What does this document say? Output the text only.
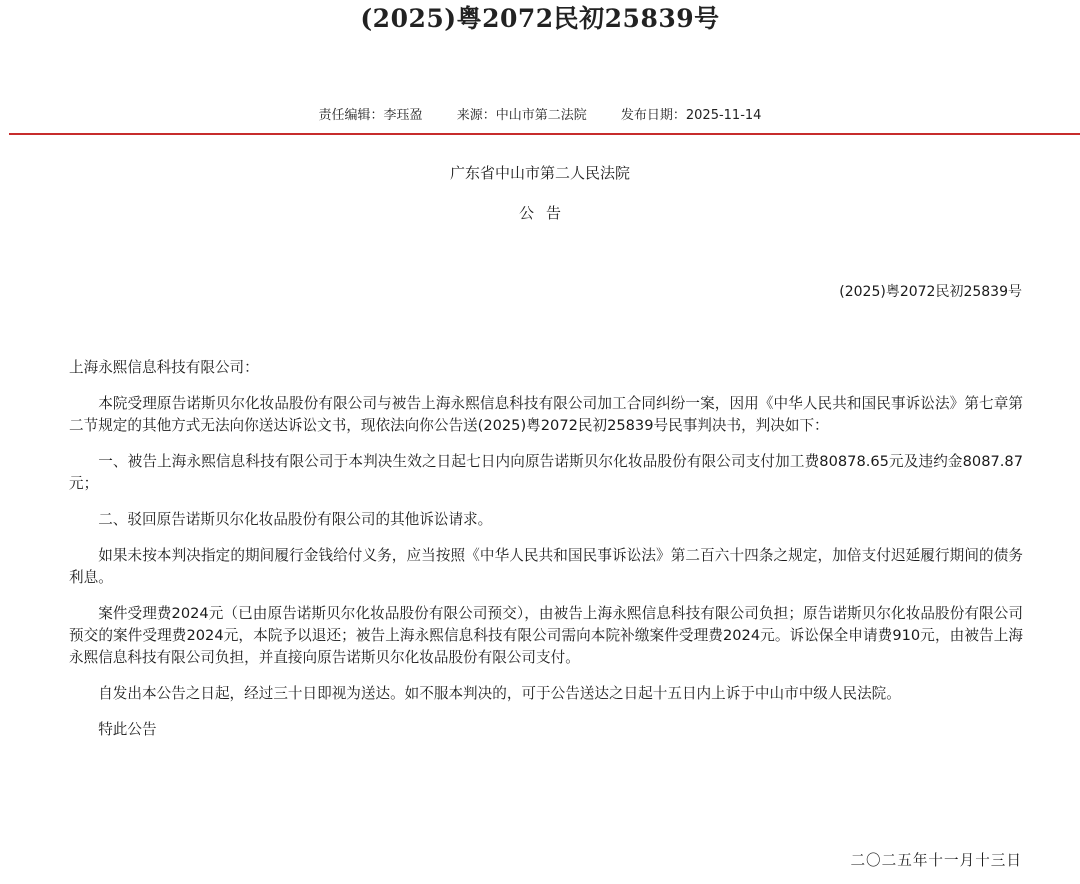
(2025)粤2072民初25839号
责任编辑：李珏盈	来源：中山市第二法院	发布日期：2025-11-14
广东省中山市第二人民法院
公告
(2025)粤2072民初25839号

上海永熙信息科技有限公司：

本院受理原告诺斯贝尔化妆品股份有限公司与被告上海永熙信息科技有限公司加工合同纠纷一案，因用《中华人民共和国民事诉讼法》第七章第二节规定的其他方式无法向你送达诉讼文书，现依法向你公告送(2025)粤2072民初25839号民事判决书，判决如下：

一、被告上海永熙信息科技有限公司于本判决生效之日起七日内向原告诺斯贝尔化妆品股份有限公司支付加工费80878.65元及违约金8087.87元；

二、驳回原告诺斯贝尔化妆品股份有限公司的其他诉讼请求。

如果未按本判决指定的期间履行金钱给付义务，应当按照《中华人民共和国民事诉讼法》第二百六十四条之规定，加倍支付迟延履行期间的债务利息。

案件受理费2024元（已由原告诺斯贝尔化妆品股份有限公司预交），由被告上海永熙信息科技有限公司负担；原告诺斯贝尔化妆品股份有限公司预交的案件受理费2024元，本院予以退还；被告上海永熙信息科技有限公司需向本院补缴案件受理费2024元。诉讼保全申请费910元，由被告上海永熙信息科技有限公司负担，并直接向原告诺斯贝尔化妆品股份有限公司支付。

自发出本公告之日起，经过三十日即视为送达。如不服本判决的，可于公告送达之日起十五日内上诉于中山市中级人民法院。

特此公告

二〇二五年十一月十三日
